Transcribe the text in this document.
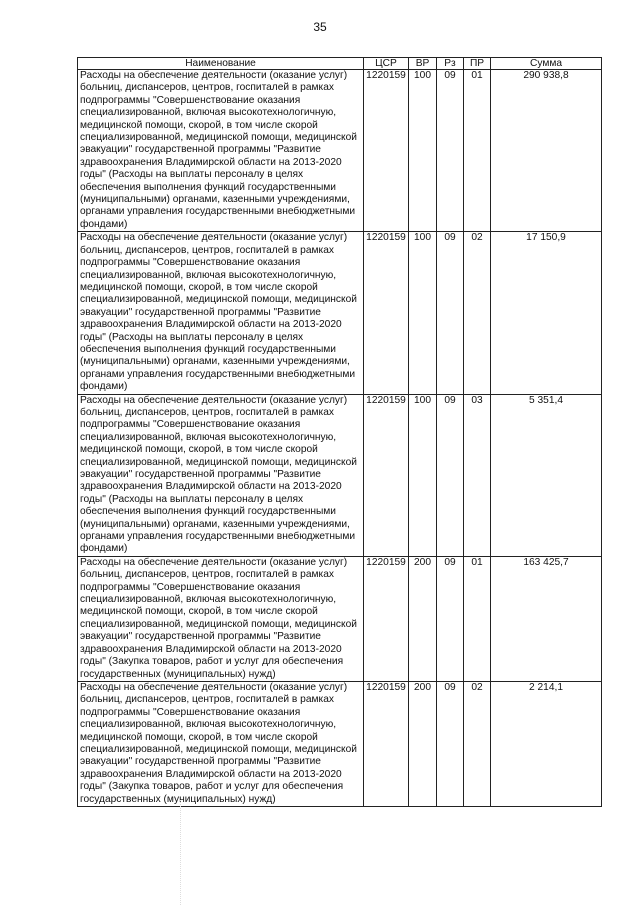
35
Наименование	ЦСР	ВР	Рз	ПР	Сумма
Расходы на обеспечение деятельности (оказание услуг) больниц, диспансеров, центров, госпиталей в рамках подпрограммы "Совершенствование оказания специализированной, включая высокотехнологичную, медицинской помощи, скорой, в том числе скорой специализированной, медицинской помощи, медицинской эвакуации" государственной программы "Развитие здравоохранения Владимирской области на 2013-2020 годы" (Расходы на выплаты персоналу в целях обеспечения выполнения функций государственными (муниципальными) органами, казенными учреждениями, органами управления государственными внебюджетными фондами)	1220159	100	09	01	290 938,8
Расходы на обеспечение деятельности (оказание услуг) больниц, диспансеров, центров, госпиталей в рамках подпрограммы "Совершенствование оказания специализированной, включая высокотехнологичную, медицинской помощи, скорой, в том числе скорой специализированной, медицинской помощи, медицинской эвакуации" государственной программы "Развитие здравоохранения Владимирской области на 2013-2020 годы" (Расходы на выплаты персоналу в целях обеспечения выполнения функций государственными (муниципальными) органами, казенными учреждениями, органами управления государственными внебюджетными фондами)	1220159	100	09	02	17 150,9
Расходы на обеспечение деятельности (оказание услуг) больниц, диспансеров, центров, госпиталей в рамках подпрограммы "Совершенствование оказания специализированной, включая высокотехнологичную, медицинской помощи, скорой, в том числе скорой специализированной, медицинской помощи, медицинской эвакуации" государственной программы "Развитие здравоохранения Владимирской области на 2013-2020 годы" (Расходы на выплаты персоналу в целях обеспечения выполнения функций государственными (муниципальными) органами, казенными учреждениями, органами управления государственными внебюджетными фондами)	1220159	100	09	03	5 351,4
Расходы на обеспечение деятельности (оказание услуг) больниц, диспансеров, центров, госпиталей в рамках подпрограммы "Совершенствование оказания специализированной, включая высокотехнологичную, медицинской помощи, скорой, в том числе скорой специализированной, медицинской помощи, медицинской эвакуации" государственной программы "Развитие здравоохранения Владимирской области на 2013-2020 годы" (Закупка товаров, работ и услуг для обеспечения государственных (муниципальных) нужд)	1220159	200	09	01	163 425,7
Расходы на обеспечение деятельности (оказание услуг) больниц, диспансеров, центров, госпиталей в рамках подпрограммы "Совершенствование оказания специализированной, включая высокотехнологичную, медицинской помощи, скорой, в том числе скорой специализированной, медицинской помощи, медицинской эвакуации" государственной программы "Развитие здравоохранения Владимирской области на 2013-2020 годы" (Закупка товаров, работ и услуг для обеспечения государственных (муниципальных) нужд)	1220159	200	09	02	2 214,1
